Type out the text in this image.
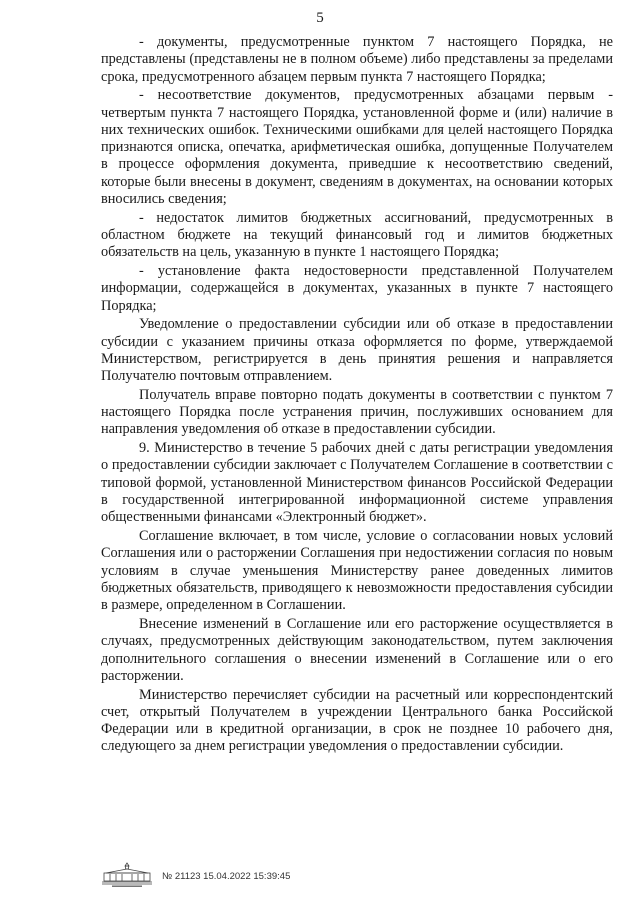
5

- документы, предусмотренные пунктом 7 настоящего Порядка, не представлены (представлены не в полном объеме) либо представлены за пределами срока, предусмотренного абзацем первым пункта 7 настоящего Порядка;

- несоответствие документов, предусмотренных абзацами первым - четвертым пункта 7 настоящего Порядка, установленной форме и (или) наличие в них технических ошибок. Техническими ошибками для целей настоящего Порядка признаются описка, опечатка, арифметическая ошибка, допущенные Получателем в процессе оформления документа, приведшие к несоответствию сведений, которые были внесены в документ, сведениям в документах, на основании которых вносились сведения;

- недостаток лимитов бюджетных ассигнований, предусмотренных в областном бюджете на текущий финансовый год и лимитов бюджетных обязательств на цель, указанную в пункте 1 настоящего Порядка;

- установление факта недостоверности представленной Получателем информации, содержащейся в документах, указанных в пункте 7 настоящего Порядка;

Уведомление о предоставлении субсидии или об отказе в предоставлении субсидии с указанием причины отказа оформляется по форме, утверждаемой Министерством, регистрируется в день принятия решения и направляется Получателю почтовым отправлением.

Получатель вправе повторно подать документы в соответствии с пунктом 7 настоящего Порядка после устранения причин, послуживших основанием для направления уведомления об отказе в предоставлении субсидии.

9. Министерство в течение 5 рабочих дней с даты регистрации уведомления о предоставлении субсидии заключает с Получателем Соглашение в соответствии с типовой формой, установленной Министерством финансов Российской Федерации в государственной интегрированной информационной системе управления общественными финансами «Электронный бюджет».

Соглашение включает, в том числе, условие о согласовании новых условий Соглашения или о расторжении Соглашения при недостижении согласия по новым условиям в случае уменьшения Министерству ранее доведенных лимитов бюджетных обязательств, приводящего к невозможности предоставления субсидии в размере, определенном в Соглашении.

Внесение изменений в Соглашение или его расторжение осуществляется в случаях, предусмотренных действующим законодательством, путем заключения дополнительного соглашения о внесении изменений в Соглашение или о его расторжении.

Министерство перечисляет субсидии на расчетный или корреспондентский счет, открытый Получателем в учреждении Центрального банка Российской Федерации или в кредитной организации, в срок не позднее 10 рабочего дня, следующего за днем регистрации уведомления о предоставлении субсидии.

№ 21123 15.04.2022 15:39:45
